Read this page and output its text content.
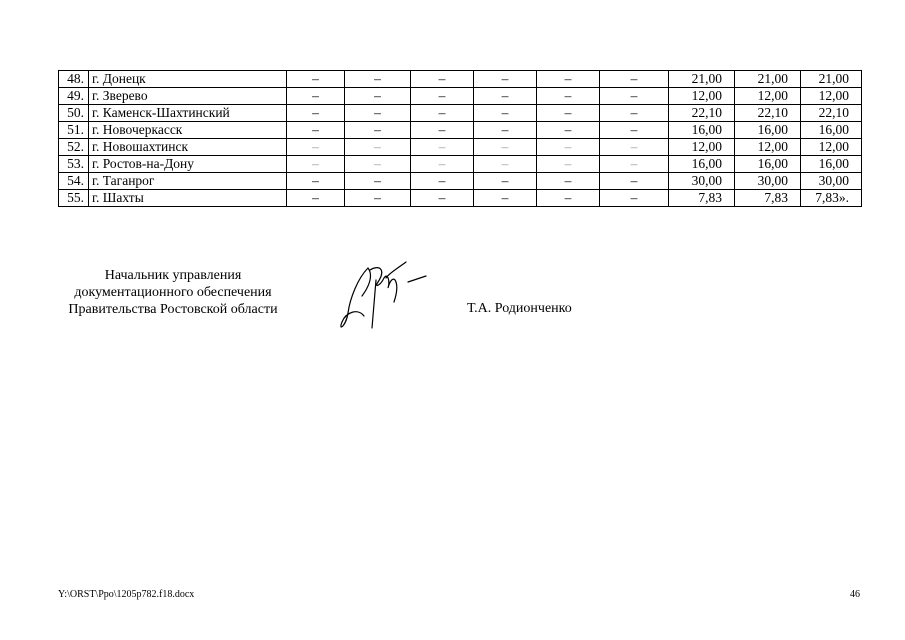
48.	г. Донецк	–	–	–	–	–	–	21,00	21,00	21,00
49.	г. Зверево	–	–	–	–	–	–	12,00	12,00	12,00
50.	г. Каменск-Шахтинский	–	–	–	–	–	–	22,10	22,10	22,10
51.	г. Новочеркасск	–	–	–	–	–	–	16,00	16,00	16,00
52.	г. Новошахтинск	–	–	–	–	–	–	12,00	12,00	12,00
53.	г. Ростов-на-Дону	–	–	–	–	–	–	16,00	16,00	16,00
54.	г. Таганрог	–	–	–	–	–	–	30,00	30,00	30,00
55.	г. Шахты	–	–	–	–	–	–	7,83	7,83	7,83».
Начальник управления
документационного обеспечения
Правительства Ростовской области	Т.А. Родионченко
Y:\ORST\Ppo\1205p782.f18.docx	46
